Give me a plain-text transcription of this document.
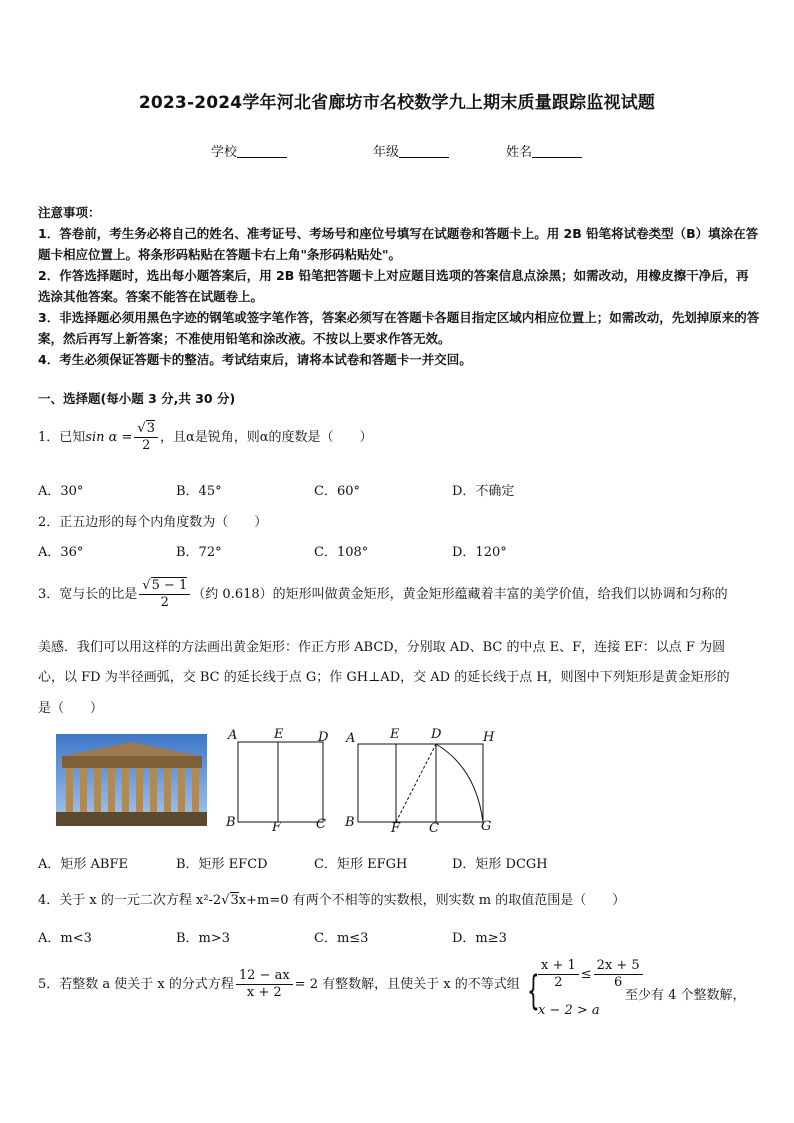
2023-2024学年河北省廊坊市名校数学九上期末质量跟踪监视试题
学校	年级	姓名

注意事项：

1．答卷前，考生务必将自己的姓名、准考证号、考场号和座位号填写在试题卷和答题卡上。用 2B 铅笔将试卷类型（B）填涂在答题卡相应位置上。将条形码粘贴在答题卡右上角"条形码粘贴处"。

2．作答选择题时，选出每小题答案后，用 2B 铅笔把答题卡上对应题目选项的答案信息点涂黑；如需改动，用橡皮擦干净后，再选涂其他答案。答案不能答在试题卷上。

3．非选择题必须用黑色字迹的钢笔或签字笔作答，答案必须写在答题卡各题目指定区域内相应位置上；如需改动，先划掉原来的答案，然后再写上新答案；不准使用铅笔和涂改液。不按以上要求作答无效。

4．考生必须保证答题卡的整洁。考试结束后，请将本试卷和答题卡一并交回。

一、选择题(每小题 3 分,共 30 分)
1．已知$\sin \alpha = \frac{√3}{2}$ ，且α是锐角，则α的度数是（　　）
A．30°	B．45°	C．60°	D．不确定
2．正五边形的每个内角度数为（　　）
A．36°	B．72°	C．108°	D．120°
3．宽与长的比是 $\frac{√5 - 1}{2}$ （约 0.618）的矩形叫做黄金矩形，黄金矩形蕴藏着丰富的美学价值，给我们以协调和匀称的
美感．我们可以用这样的方法画出黄金矩形：作正方形 ABCD，分别取 AD、BC 的中点 E、F，连接 EF：以点 F 为圆
心，以 FD 为半径画弧，交 BC 的延长线于点 G；作 GH⊥AD，交 AD 的延长线于点 H，则图中下列矩形是黄金矩形的
是（　　）
A	E	D
B	F	C
A	E D	H
B	F C	G
A．矩形 ABFE	B．矩形 EFCD	C．矩形 EFGH	D．矩形 DCGH
4．关于 x 的一元二次方程 x²-2√3x+m=0 有两个不相等的实数根，则实数 m 的取值范围是（　　）
A．m<3	B．m>3	C．m≤3	D．m≥3
5．若整数 a 使关于 x 的分式方程 $\frac{12 - ax}{x + 2} = 2$ 有整数解，且使关于 x 的不等式组 {
$\frac{x + 1}{2} \le \frac{2x + 5}{6}$
x − 2 > a
至少有 4 个整数解，
